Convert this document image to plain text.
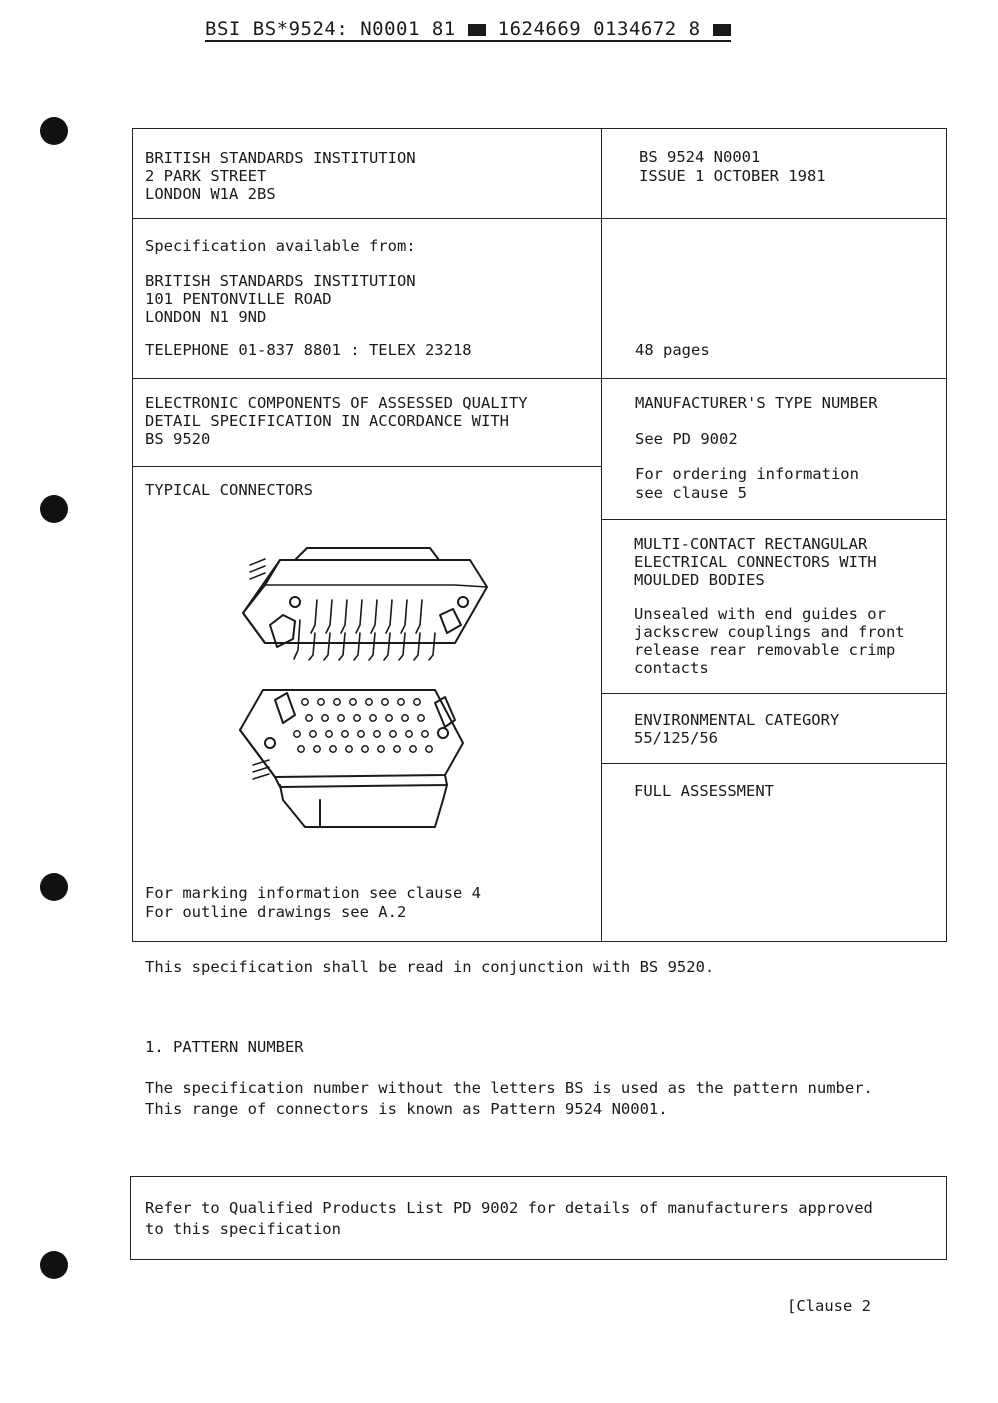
BSI BS*9524: N0001 81 1624669 0134672 8
BRITISH STANDARDS INSTITUTION
2 PARK STREET
LONDON W1A 2BS
Specification available from:
BRITISH STANDARDS INSTITUTION
101 PENTONVILLE ROAD
LONDON N1 9ND
TELEPHONE 01-837 8801 : TELEX 23218
ELECTRONIC COMPONENTS OF ASSESSED QUALITY
DETAIL SPECIFICATION IN ACCORDANCE WITH
BS 9520
TYPICAL CONNECTORS
For marking information see clause 4
For outline drawings see A.2
BS 9524 N0001
ISSUE 1 OCTOBER 1981
48 pages
MANUFACTURER'S TYPE NUMBER
See PD 9002
For ordering information
see clause 5
MULTI-CONTACT RECTANGULAR
ELECTRICAL CONNECTORS WITH
MOULDED BODIES
Unsealed with end guides or
jackscrew couplings and front
release rear removable crimp
contacts
ENVIRONMENTAL CATEGORY
55/125/56
FULL ASSESSMENT
This specification shall be read in conjunction with BS 9520.
1. PATTERN NUMBER
The specification number without the letters BS is used as the pattern number.
This range of connectors is known as Pattern 9524 N0001.
Refer to Qualified Products List PD 9002 for details of manufacturers approved
to this specification
[Clause 2
